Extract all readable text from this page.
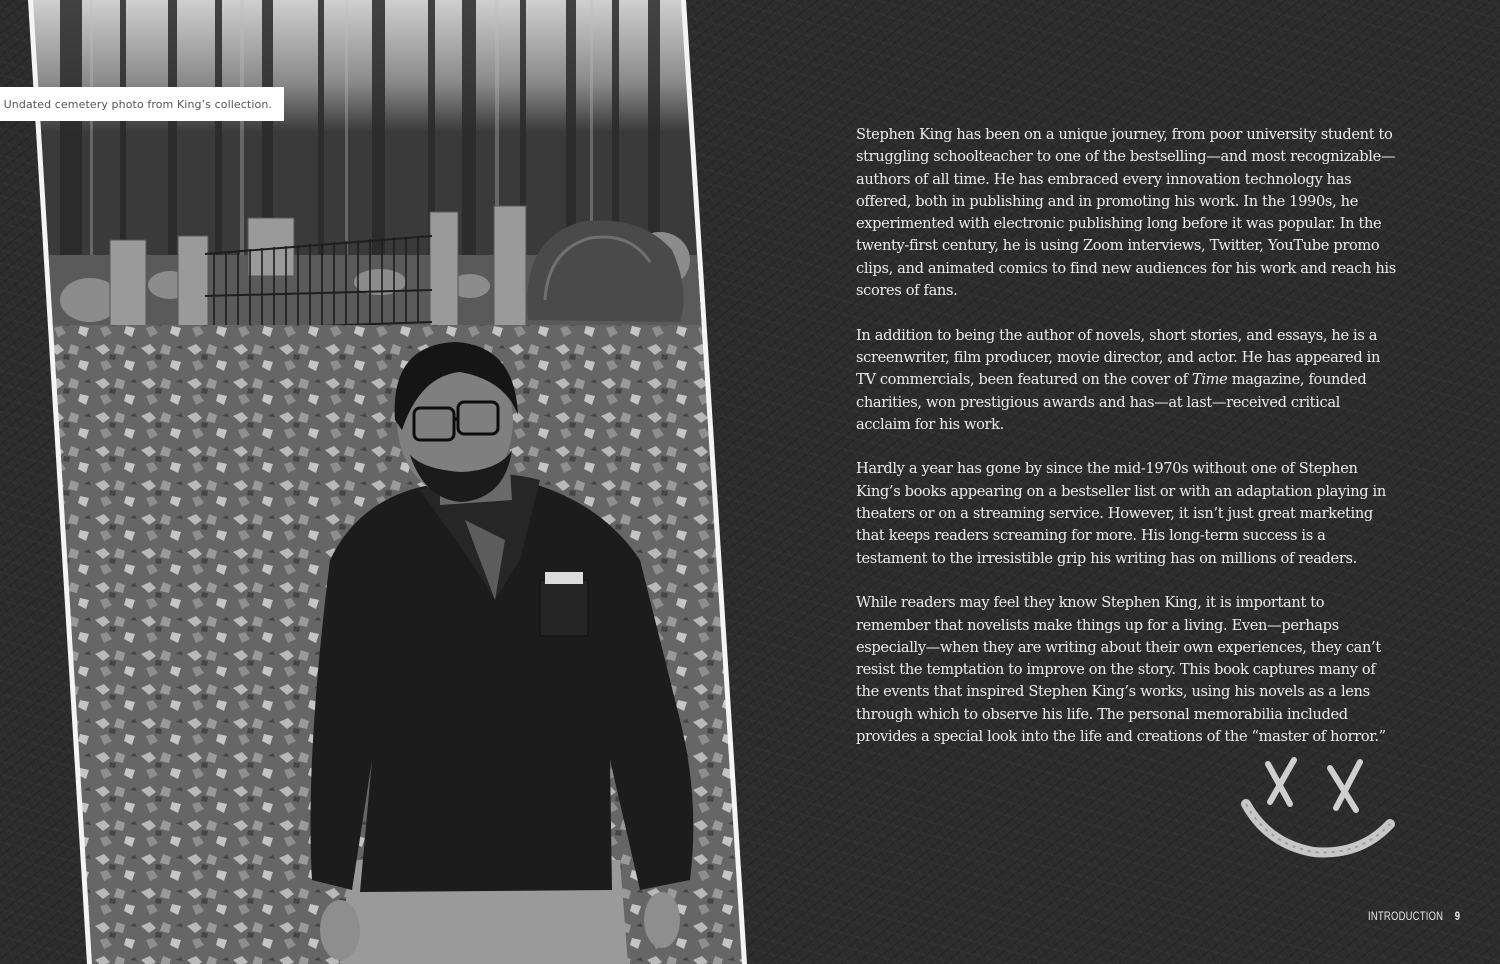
Undated cemetery photo from King’s collection.

Stephen King has been on a unique journey, from poor university student to struggling schoolteacher to one of the bestselling—and most recognizable—authors of all time. He has embraced every innovation technology has offered, both in publishing and in promoting his work. In the 1990s, he experimented with electronic publishing long before it was popular. In the twenty-first century, he is using Zoom interviews, Twitter, YouTube promo clips, and animated comics to find new audiences for his work and reach his scores of fans.

In addition to being the author of novels, short stories, and essays, he is a screenwriter, film producer, movie director, and actor. He has appeared in TV commercials, been featured on the cover of Time magazine, founded charities, won prestigious awards and has—at last—received critical acclaim for his work.

Hardly a year has gone by since the mid-1970s without one of Stephen King’s books appearing on a bestseller list or with an adaptation playing in theaters or on a streaming service. However, it isn’t just great marketing that keeps readers screaming for more. His long-term success is a testament to the irresistible grip his writing has on millions of readers.

While readers may feel they know Stephen King, it is important to remember that novelists make things up for a living. Even—perhaps especially—when they are writing about their own experiences, they can’t resist the temptation to improve on the story. This book captures many of the events that inspired Stephen King’s works, using his novels as a lens through which to observe his life. The personal memorabilia included provides a special look into the life and creations of the “master of horror.”

INTRODUCTION 9
